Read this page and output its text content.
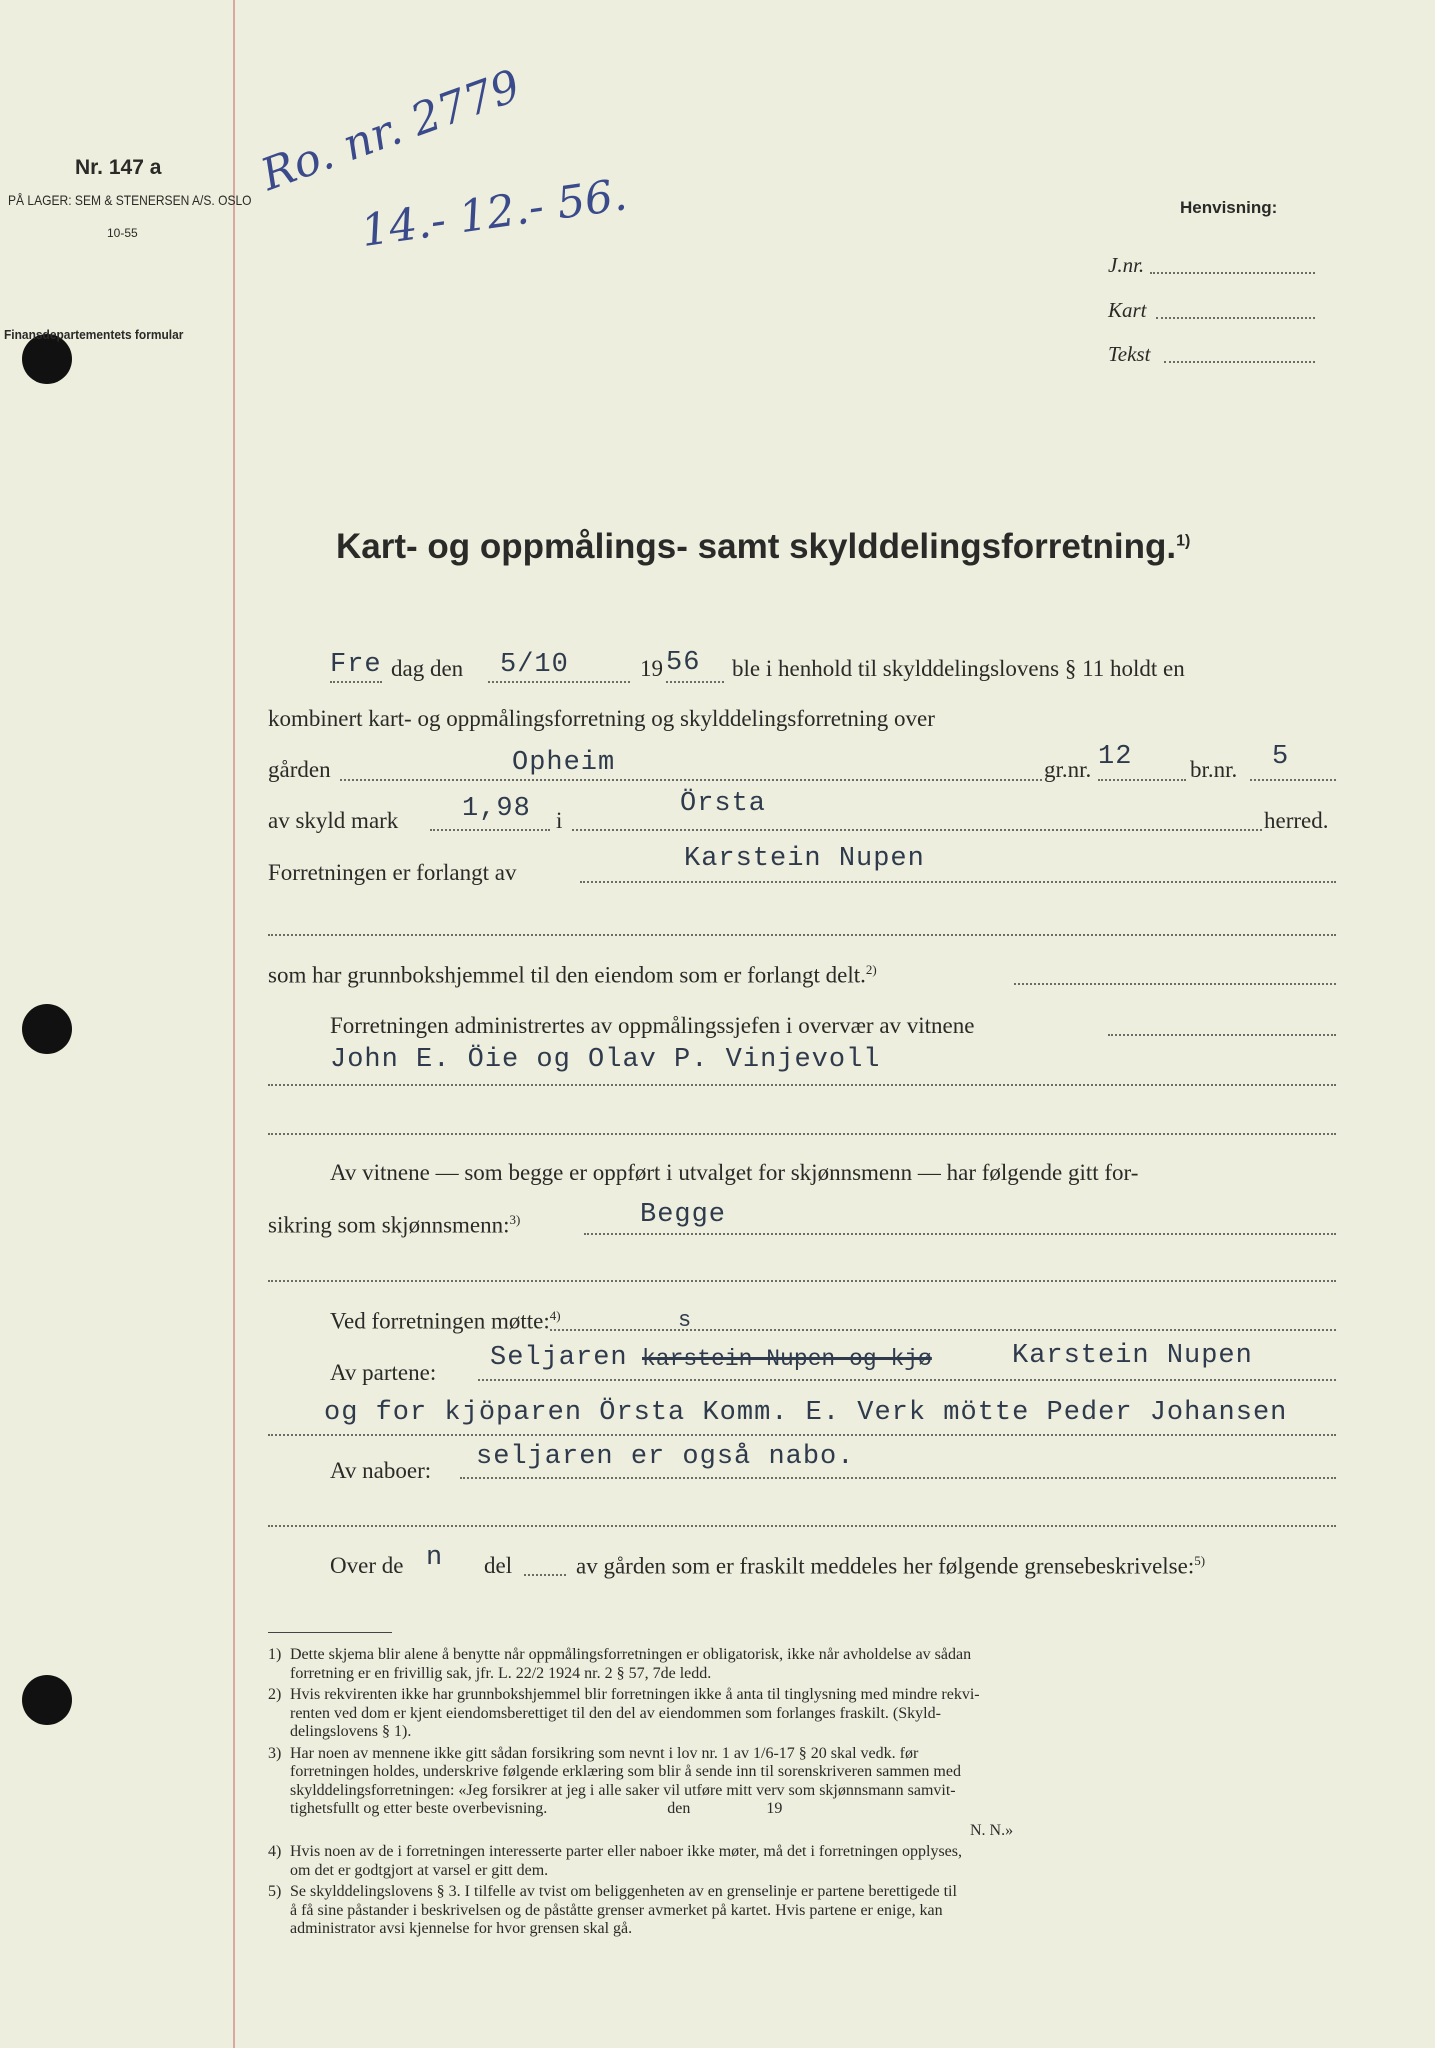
Nr. 147 a
PÅ LAGER: SEM & STENERSEN A/S. OSLO
10-55
Finansdepartementets formular
Ro. nr. 2779
14.- 12.- 56.	Henvisning:
J.nr.
Kart
Tekst
Kart- og oppmålings- samt skylddelingsforretning.$^{1)}$
Fre dag den 5/10	19 56 ble i henhold til skylddelingslovens § 11 holdt en
kombinert kart- og oppmålingsforretning og skylddelingsforretning over
gården	Opheim	gr.nr. 12	br.nr. 5
av skyld mark 1,98 i
Örsta
herred.
Forretningen er forlangt av	Karstein Nupen
som har grunnbokshjemmel til den eiendom som er forlangt delt.$^{2)}$
Forretningen administrertes av oppmålingssjefen i overvær av vitnene
John E. Öie og Olav P. Vinjevoll
Av vitnene — som begge er oppført i utvalget for skjønnsmenn — har følgende gitt for-
sikring som skjønnsmenn:$^{3)}$	Begge
Ved forretningen møtte:$^{4)}$
Av partene: Seljaren
s
karstein Nupen og kjø	Karstein Nupen
og for kjöparen Örsta Komm. E. Verk mötte Peder Johansen
Av naboer: seljaren er også nabo.
Over de n del	av gården som er fraskilt meddeles her følgende grensebeskrivelse:$^{5)}$
1) Dette skjema blir alene å benytte når oppmålingsforretningen er obligatorisk, ikke når avholdelse av sådan
forretning er en frivillig sak, jfr. L. 22/2 1924 nr. 2 § 57, 7de ledd.
2) Hvis rekvirenten ikke har grunnbokshjemmel blir forretningen ikke å anta til tinglysning med mindre rekvi-
renten ved dom er kjent eiendomsberettiget til den del av eiendommen som forlanges fraskilt. (Skyld-
delingslovens § 1).
3) Har noen av mennene ikke gitt sådan forsikring som nevnt i lov nr. 1 av 1/6-17 § 20 skal vedk. før
forretningen holdes, underskrive følgende erklæring som blir å sende inn til sorenskriveren sammen med
skylddelingsforretningen: «Jeg forsikrer at jeg i alle saker vil utføre mitt verv som skjønnsmann samvit-
tighetsfullt og etter beste overbevisning.                              den                   19
N. N.»
4) Hvis noen av de i forretningen interesserte parter eller naboer ikke møter, må det i forretningen opplyses,
om det er godtgjort at varsel er gitt dem.
5) Se skylddelingslovens § 3. I tilfelle av tvist om beliggenheten av en grenselinje er partene berettigede til
å få sine påstander i beskrivelsen og de påståtte grenser avmerket på kartet. Hvis partene er enige, kan
administrator avsi kjennelse for hvor grensen skal gå.
